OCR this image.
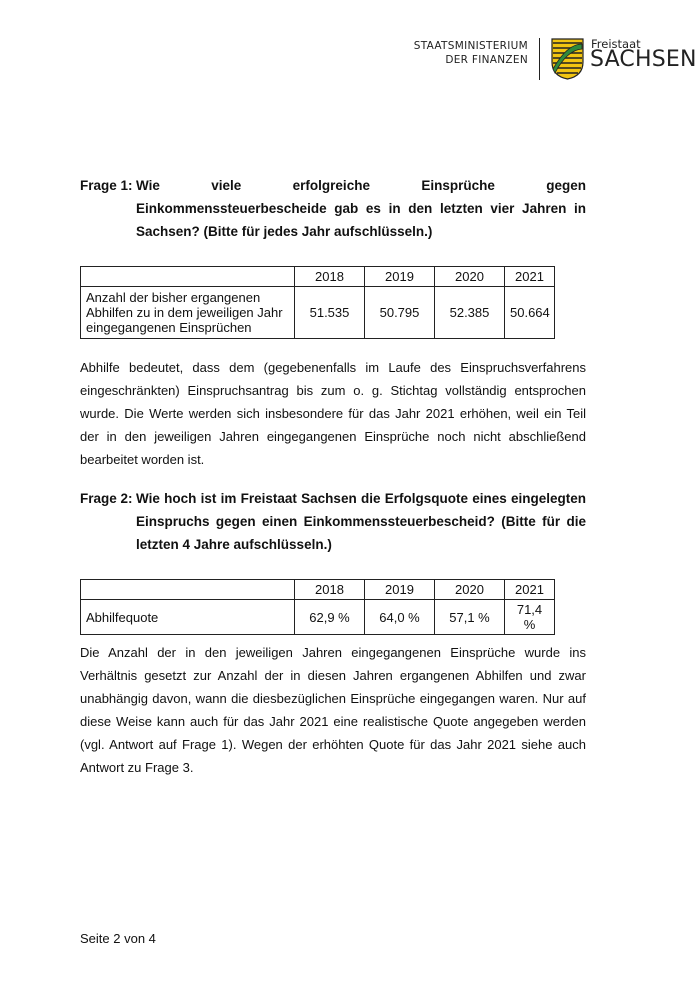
STAATSMINISTERIUM
DER FINANZEN
Freistaat
SACHSEN
Frage 1: Wie viele erfolgreiche Einsprüche gegen Einkommenssteuerbescheide gab es in den letzten vier Jahren in Sachsen? (Bitte für jedes Jahr aufschlüsseln.)
	2018	2019	2020	2021
Anzahl der bisher ergangenen Abhilfen zu in dem jeweiligen Jahr eingegangenen Einsprüchen	51.535	50.795	52.385	50.664
Abhilfe bedeutet, dass dem (gegebenenfalls im Laufe des Einspruchsverfahrens eingeschränkten) Einspruchsantrag bis zum o. g. Stichtag vollständig entsprochen wurde. Die Werte werden sich insbesondere für das Jahr 2021 erhöhen, weil ein Teil der in den jeweiligen Jahren eingegangenen Einsprüche noch nicht abschließend bearbeitet worden ist.
Frage 2: Wie hoch ist im Freistaat Sachsen die Erfolgsquote eines eingelegten Einspruchs gegen einen Einkommenssteuerbescheid? (Bitte für die letzten 4 Jahre aufschlüsseln.)
	2018	2019	2020	2021
Abhilfequote	62,9 %	64,0 %	57,1 %	71,4 %
Die Anzahl der in den jeweiligen Jahren eingegangenen Einsprüche wurde ins Verhältnis gesetzt zur Anzahl der in diesen Jahren ergangenen Abhilfen und zwar unabhängig davon, wann die diesbezüglichen Einsprüche eingegangen waren. Nur auf diese Weise kann auch für das Jahr 2021 eine realistische Quote angegeben werden (vgl. Antwort auf Frage 1). Wegen der erhöhten Quote für das Jahr 2021 siehe auch Antwort zu Frage 3.
Seite 2 von 4
